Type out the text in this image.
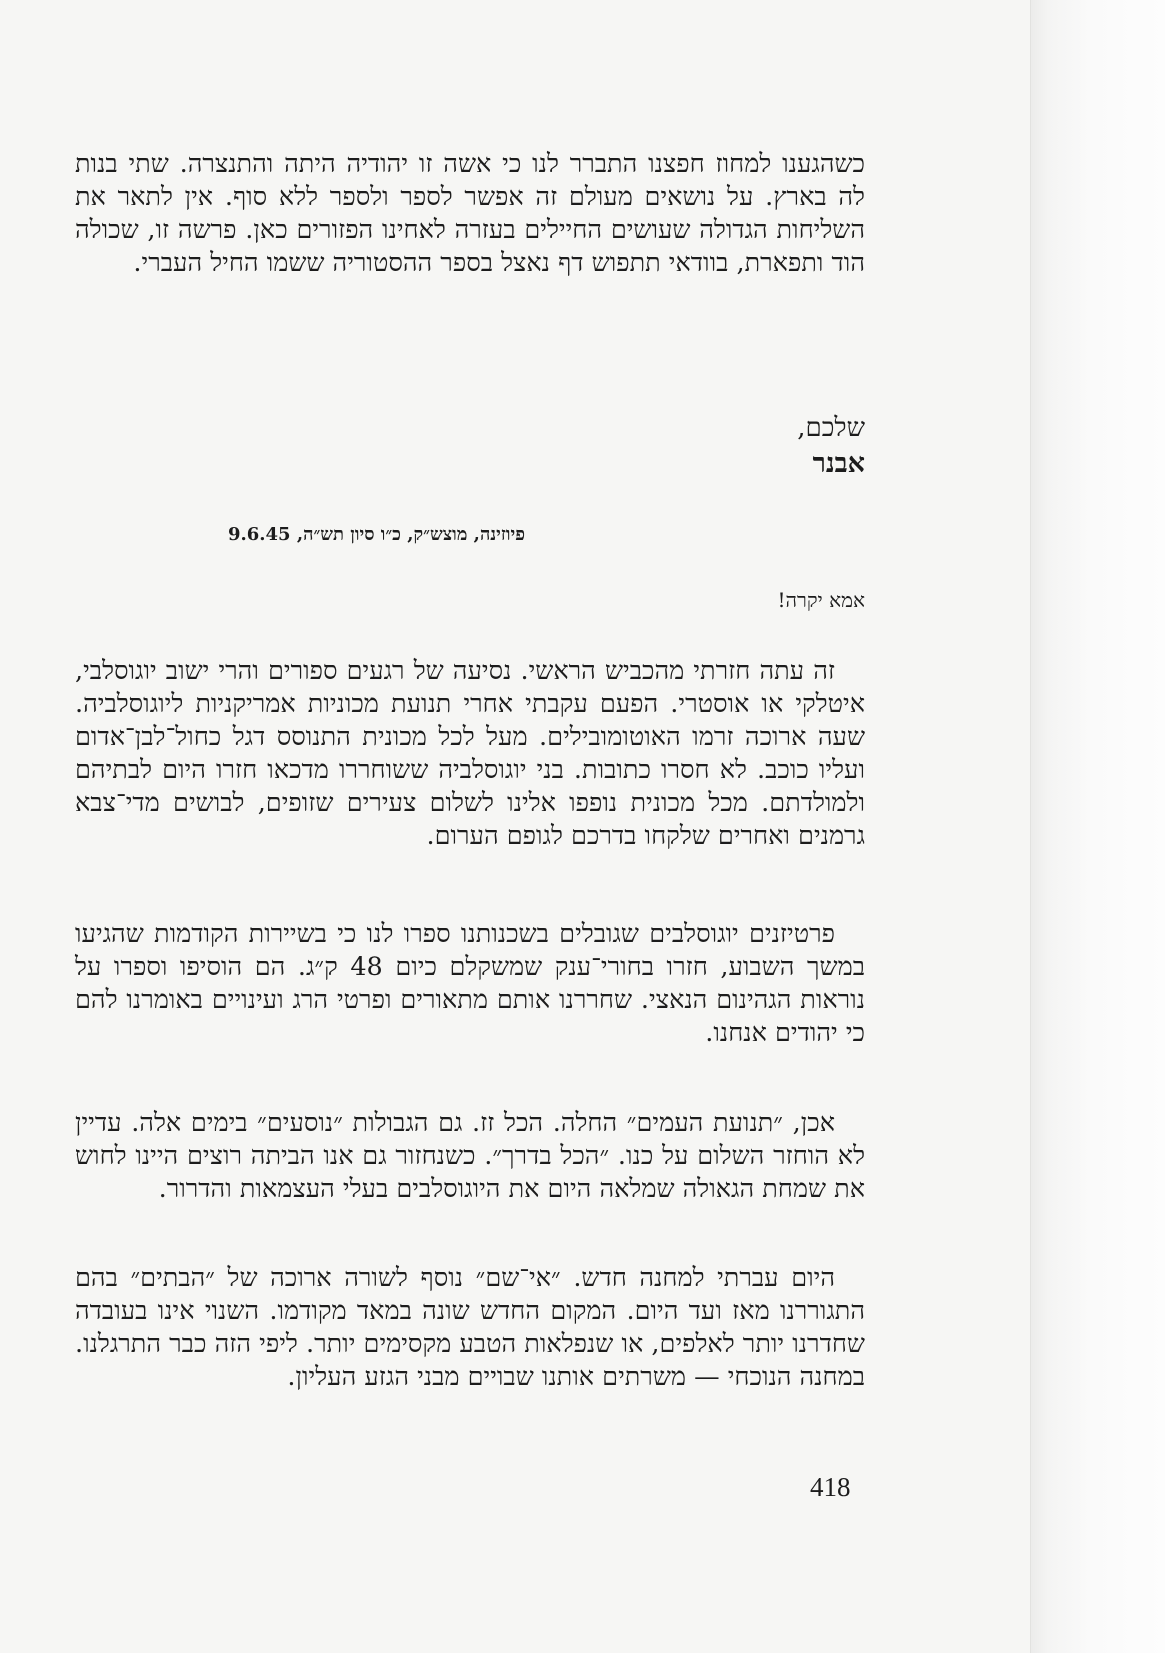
כשהגענו למחוז חפצנו התברר לנו כי אשה זו יהודיה היתה והתנצרה. שתי בנות לה בארץ. על נושאים מעולם זה אפשר לספר ולספר ללא סוף. אין לתאר את השליחות הגדולה שעושים החיילים בעזרה לאחינו הפזורים כאן. פרשה זו, שכולה הוד ותפארת, בוודאי תתפוש דף נאצל בספר ההסטוריה ששמו החיל העברי.

שלכם,
אבנר
פיוזינה, מוצש״ק, כ״ו סיון תש״ה, 9.6.45
אמא יקרה!

זה עתה חזרתי מהכביש הראשי. נסיעה של רגעים ספורים והרי ישוב יוגוסלבי, איטלקי או אוסטרי. הפעם עקבתי אחרי תנועת מכוניות אמריקניות ליוגוסלביה. שעה ארוכה זרמו האוטומובילים. מעל לכל מכונית התנוסס דגל כחול־לבן־אדום ועליו כוכב. לא חסרו כתובות. בני יוגוסלביה ששוחררו מדכאו חזרו היום לבתיהם ולמולדתם. מכל מכונית נופפו אלינו לשלום צעירים שזופים, לבושים מדי־צבא גרמנים ואחרים שלקחו בדרכם לגופם הערום.

פרטיזנים יוגוסלבים שגובלים בשכנותנו ספרו לנו כי בשיירות הקודמות שהגיעו במשך השבוע, חזרו בחורי־ענק שמשקלם כיום 48 ק״ג. הם הוסיפו וספרו על נוראות הגהינום הנאצי. שחררנו אותם מתאורים ופרטי הרג ועינויים באומרנו להם כי יהודים אנחנו.

אכן, ״תנועת העמים״ החלה. הכל זז. גם הגבולות ״נוסעים״ בימים אלה. עדיין לא הוחזר השלום על כנו. ״הכל בדרך״. כשנחזור גם אנו הביתה רוצים היינו לחוש את שמחת הגאולה שמלאה היום את היוגוסלבים בעלי העצמאות והדרור.

היום עברתי למחנה חדש. ״אי־שם״ נוסף לשורה ארוכה של ״הבתים״ בהם התגוררנו מאז ועד היום. המקום החדש שונה במאד מקודמו. השנוי אינו בעובדה שחדרנו יותר לאלפים, או שנפלאות הטבע מקסימים יותר. ליפי הזה כבר התרגלנו. במחנה הנוכחי — משרתים אותנו שבויים מבני הגזע העליון.

418
